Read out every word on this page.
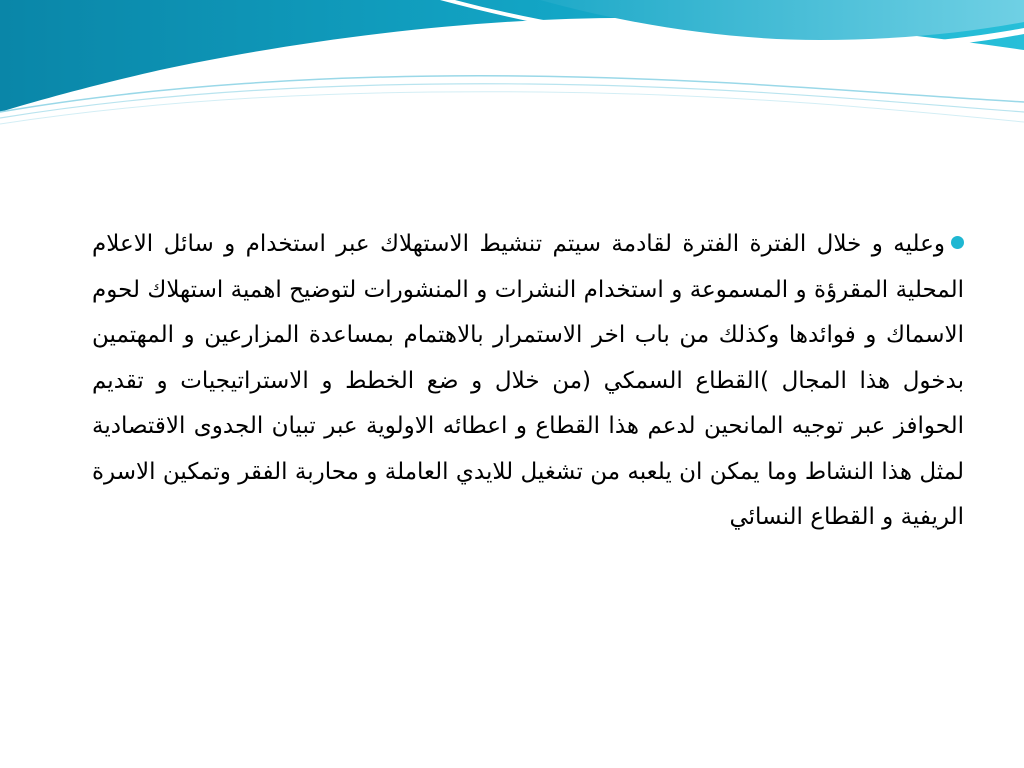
وعليه و خلال الفترة الفترة لقادمة سيتم تنشيط الاستهلاك عبر استخدام و سائل الاعلام المحلية المقرؤة و المسموعة و استخدام النشرات و المنشورات لتوضيح اهمية استهلاك لحوم الاسماك و فوائدها وكذلك من باب اخر الاستمرار بالاهتمام بمساعدة المزارعين و المهتمين بدخول هذا المجال )القطاع السمكي (من خلال و ضع الخطط و الاستراتيجيات و تقديم الحوافز عبر توجيه المانحين لدعم هذا القطاع و اعطائه الاولوية عبر تبيان الجدوى الاقتصادية لمثل هذا النشاط وما يمكن ان يلعبه من تشغيل للايدي العاملة و محاربة الفقر وتمكين الاسرة الريفية و القطاع النسائي
